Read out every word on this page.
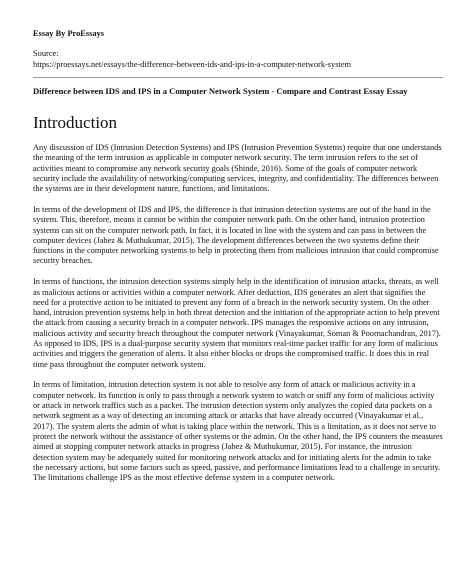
Essay By ProEssays
Source:
https://proessays.net/essays/the-difference-between-ids-and-ips-in-a-computer-network-system
Difference between IDS and IPS in a Computer Network System - Compare and Contrast Essay Essay
Introduction
Any discussion of IDS (Intrusion Detection Systems) and IPS (Intrusion Prevention Systems) require that one understands the meaning of the term intrusion as applicable in computer network security. The term intrusion refers to the set of activities meant to compromise any network security goals (Shinde, 2016). Some of the goals of computer network security include the availability of networking/computing services, integrity, and confidentiality. The differences between the systems are in their development nature, functions, and limitations.
In terms of the development of IDS and IPS, the difference is that intrusion detection systems are out of the band in the system. This, therefore, means it cannot be within the computer network path. On the other hand, intrusion protection systems can sit on the computer network path. In fact, it is located in line with the system and can pass in between the computer devices (Jabez & Muthukumar, 2015). The development differences between the two systems define their functions in the computer networking systems to help in protecting them from malicious intrusion that could compromise security breaches.
In terms of functions, the intrusion detection systems simply help in the identification of intrusion attacks, threats, as well as malicious actions or activities within a computer network. After deduction, IDS generates an alert that signifies the need for a protective action to be initiated to prevent any form of a breach in the network security system. On the other hand, intrusion prevention systems help in both threat detection and the initiation of the appropriate action to help prevent the attack from causing a security breach in a computer network. IPS manages the responsive actions on any intrusion, malicious activity and security breach throughout the computer network (Vinayakumar, Soman & Poornachandran, 2017). As opposed to IDS, IPS is a dual-purpose security system that monitors real-time packet traffic for any form of malicious activities and triggers the generation of alerts. It also either blocks or drops the compromised traffic. It does this in real time pass throughout the computer network system.
In terms of limitation, intrusion detection system is not able to resolve any form of attack or malicious activity in a computer network. Its function is only to pass through a network system to watch or sniff any form of malicious activity or attack in network traffics such as a packet. The intrusion detection system only analyzes the copied data packets on a network segment as a way of detecting an incoming attack or attacks that have already occurred (Vinayakumar et al., 2017). The system alerts the admin of what is taking place within the network. This is a limitation, as it does not serve to protect the network without the assistance of other systems or the admin. On the other hand, the IPS counters the measures aimed at stopping computer network attacks in progress (Jabez & Muthukumar, 2015). For instance, the intrusion detection system may be adequately suited for monitoring network attacks and for initiating alerts for the admin to take the necessary actions, but some factors such as speed, passive, and performance limitations lead to a challenge in security. The limitations challenge IPS as the most effective defense system in a computer network.
